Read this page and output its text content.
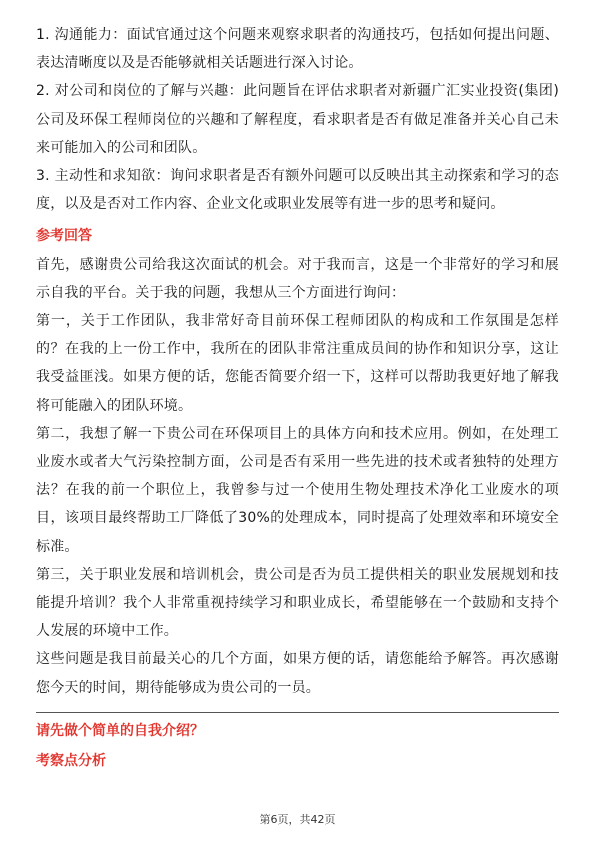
1. 沟通能力：面试官通过这个问题来观察求职者的沟通技巧，包括如何提出问题、表达清晰度以及是否能够就相关话题进行深入讨论。

2. 对公司和岗位的了解与兴趣：此问题旨在评估求职者对新疆广汇实业投资(集团)公司及环保工程师岗位的兴趣和了解程度，看求职者是否有做足准备并关心自己未来可能加入的公司和团队。

3. 主动性和求知欲：询问求职者是否有额外问题可以反映出其主动探索和学习的态度，以及是否对工作内容、企业文化或职业发展等有进一步的思考和疑问。

参考回答

首先，感谢贵公司给我这次面试的机会。对于我而言，这是一个非常好的学习和展示自我的平台。关于我的问题，我想从三个方面进行询问：

第一，关于工作团队，我非常好奇目前环保工程师团队的构成和工作氛围是怎样的？在我的上一份工作中，我所在的团队非常注重成员间的协作和知识分享，这让我受益匪浅。如果方便的话，您能否简要介绍一下，这样可以帮助我更好地了解我将可能融入的团队环境。

第二，我想了解一下贵公司在环保项目上的具体方向和技术应用。例如，在处理工业废水或者大气污染控制方面，公司是否有采用一些先进的技术或者独特的处理方法？在我的前一个职位上，我曾参与过一个使用生物处理技术净化工业废水的项目，该项目最终帮助工厂降低了30%的处理成本，同时提高了处理效率和环境安全标准。

第三，关于职业发展和培训机会，贵公司是否为员工提供相关的职业发展规划和技能提升培训？我个人非常重视持续学习和职业成长，希望能够在一个鼓励和支持个人发展的环境中工作。

这些问题是我目前最关心的几个方面，如果方便的话，请您能给予解答。再次感谢您今天的时间，期待能够成为贵公司的一员。

请先做个简单的自我介绍？
考察点分析
第6页，共42页
